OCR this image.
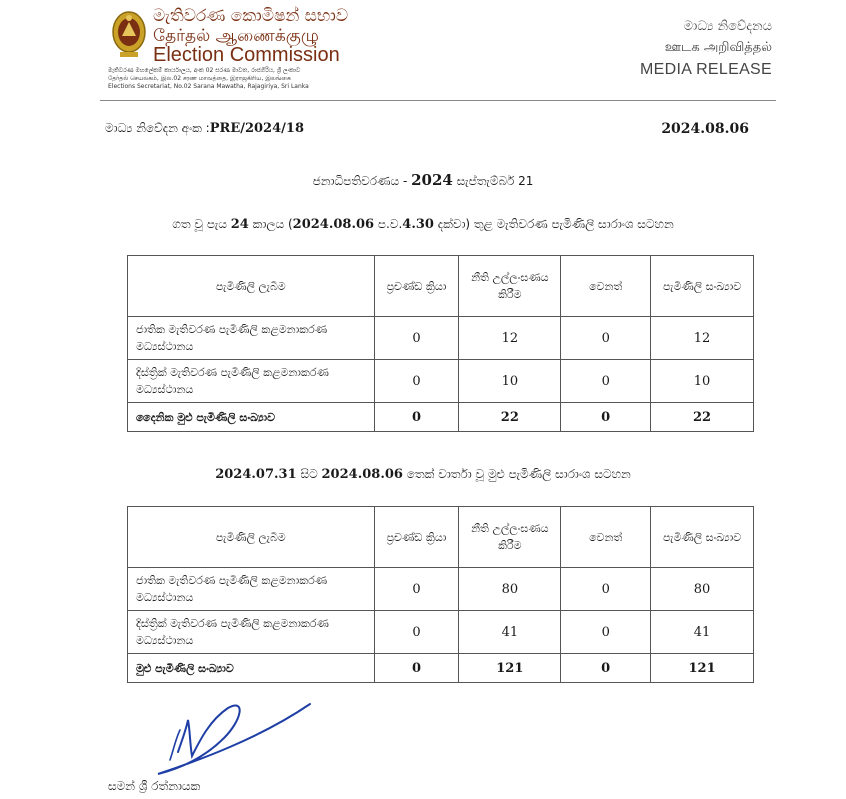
මැතිවරණ කොමිෂන් සභාව
தேர்தல் ஆணைக்குழு
Election Commission
මැතිවරණ මහලේකම් කාර්යාලය, අංක 02 සරණ මාවත, රාජගිරිය, ශ්‍රී ලංකාව
தேர்தல் செயலகம், இல.02 சரண மாவத்தை, இராஜகிரிய, இலங்கை
Elections Secretariat, No.02 Sarana Mawatha, Rajagiriya, Sri Lanka
මාධ්‍ය නිවේදනය
ஊடக அறிவித்தல்
MEDIA RELEASE
මාධ්‍ය නිවේදන අංක :PRE/2024/18	2024.08.06
ජනාධිපතිවරණය - 2024 සැප්තැම්බර් 21
ගත වූ පැය 24 කාලය (2024.08.06 ප.ව.4.30 දක්වා) තුළ මැතිවරණ පැමිණිලි සාරාංශ සටහන
පැමිණිලි ලැබීම	ප්‍රචණ්ඩ ක්‍රියා	නීති උල්ලංඝණය කිරීම	වෙනත්	පැමිණිලි සංඛ්‍යාව
ජාතික මැතිවරණ පැමිණිලි කළමනාකරණ මධ්‍යස්ථානය	0	12	0	12
දිස්ත්‍රික් මැතිවරණ පැමිණිලි කළමනාකරණ මධ්‍යස්ථානය	0	10	0	10
දෛනික මුළු පැමිණිලි සංඛ්‍යාව	0	22	0	22
2024.07.31 සිට 2024.08.06 තෙක් වාර්තා වූ මුළු පැමිණිලි සාරාංශ සටහන
පැමිණිලි ලැබීම	ප්‍රචණ්ඩ ක්‍රියා	නීති උල්ලංඝණය කිරීම	වෙනත්	පැමිණිලි සංඛ්‍යාව
ජාතික මැතිවරණ පැමිණිලි කළමනාකරණ මධ්‍යස්ථානය	0	80	0	80
දිස්ත්‍රික් මැතිවරණ පැමිණිලි කළමනාකරණ මධ්‍යස්ථානය	0	41	0	41
මුළු පැමිණිලි සංඛ්‍යාව	0	121	0	121
සමන් ශ්‍රී රත්නායක
